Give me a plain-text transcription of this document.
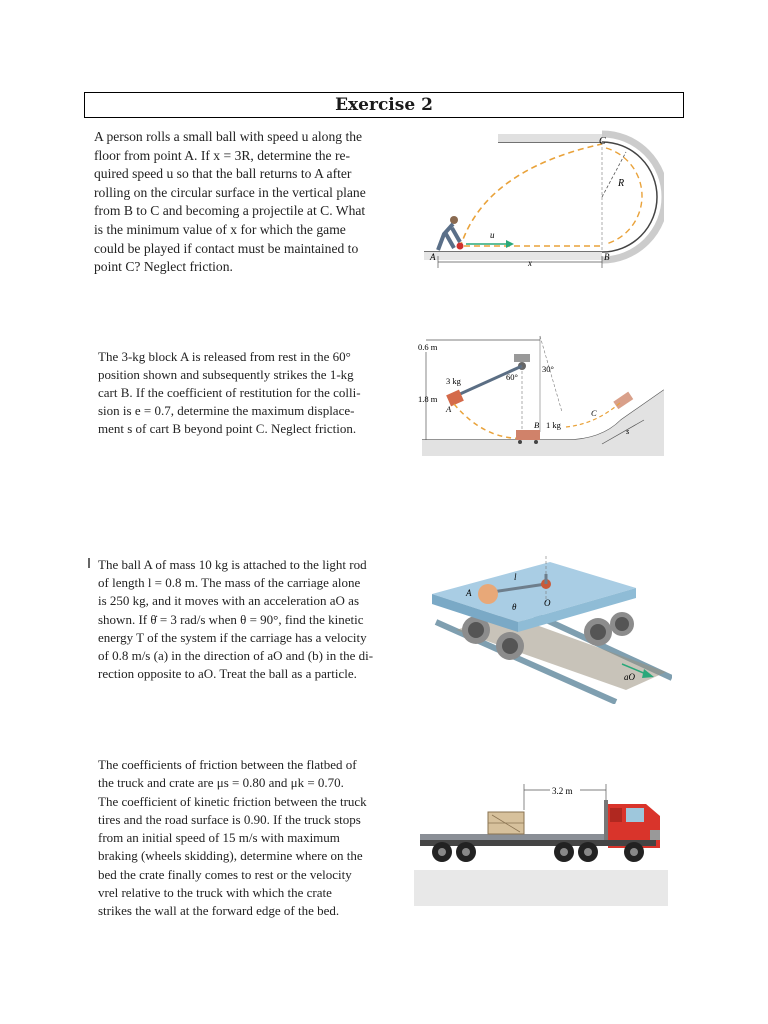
Exercise 2
A person rolls a small ball with speed u along the
floor from point A. If x = 3R, determine the re-
quired speed u so that the ball returns to A after
rolling on the circular surface in the vertical plane
from B to C and becoming a projectile at C. What
is the minimum value of x for which the game
could be played if contact must be maintained to
point C? Neglect friction.
C
R
u
A
x
B
The 3-kg block A is released from rest in the 60°
position shown and subsequently strikes the 1-kg
cart B. If the coefficient of restitution for the colli-
sion is e = 0.7, determine the maximum displace-
ment s of cart B beyond point C. Neglect friction.
0.6 m
1.8 m
3 kg
A
60°
30°
B 1 kg
C
s
The ball A of mass 10 kg is attached to the light rod
of length l = 0.8 m. The mass of the carriage alone
is 250 kg, and it moves with an acceleration aO as
shown. If θ̇ = 3 rad/s when θ = 90°, find the kinetic
energy T of the system if the carriage has a velocity
of 0.8 m/s (a) in the direction of aO and (b) in the di-
rection opposite to aO. Treat the ball as a particle.
A
l
O
θ
aO
The coefficients of friction between the flatbed of
the truck and crate are μs = 0.80 and μk = 0.70.
The coefficient of kinetic friction between the truck
tires and the road surface is 0.90. If the truck stops
from an initial speed of 15 m/s with maximum
braking (wheels skidding), determine where on the
bed the crate finally comes to rest or the velocity
vrel relative to the truck with which the crate
strikes the wall at the forward edge of the bed.
3.2 m
